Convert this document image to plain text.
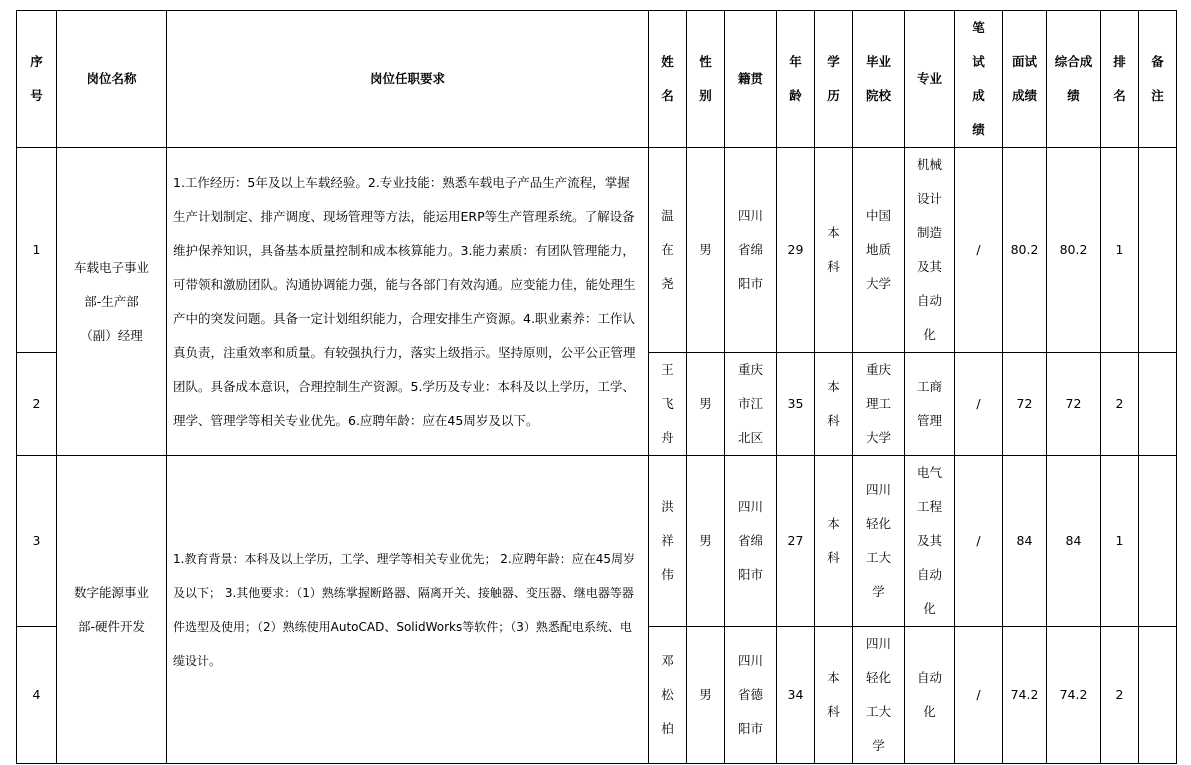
序号	岗位名称	岗位任职要求	姓名	性别	籍贯	年龄	学历	毕业院校	专业	笔试成绩	面试成绩	综合成绩	排名	备注
1	车载电子事业部-生产部（副）经理	1.工作经历：5年及以上车载经验。2.专业技能：熟悉车载电子产品生产流程，掌握生产计划制定、排产调度、现场管理等方法，能运用ERP等生产管理系统。了解设备维护保养知识，具备基本质量控制和成本核算能力。3.能力素质：有团队管理能力，可带领和激励团队。沟通协调能力强，能与各部门有效沟通。应变能力佳，能处理生产中的突发问题。具备一定计划组织能力，合理安排生产资源。4.职业素养：工作认真负责，注重效率和质量。有较强执行力，落实上级指示。坚持原则，公平公正管理团队。具备成本意识，合理控制生产资源。5.学历及专业：本科及以上学历，工学、理学、管理学等相关专业优先。6.应聘年龄：应在45周岁及以下。	温在尧	男	四川省绵阳市	29	本科	中国地质大学	机械设计制造及其自动化	/	80.2	80.2	1	
2			王飞舟	男	重庆市江北区	35	本科	重庆理工大学	工商管理	/	72	72	2	
3	数字能源事业部-硬件开发	1.教育背景：本科及以上学历，工学、理学等相关专业优先； 2.应聘年龄：应在45周岁及以下； 3.其他要求：（1）熟练掌握断路器、隔离开关、接触器、变压器、继电器等器件选型及使用；（2）熟练使用AutoCAD、SolidWorks等软件；（3）熟悉配电系统、电缆设计。	洪祥伟	男	四川省绵阳市	27	本科	四川轻化工大学	电气工程及其自动化	/	84	84	1	
4			邓松柏	男	四川省德阳市	34	本科	四川轻化工大学	自动化	/	74.2	74.2	2	
